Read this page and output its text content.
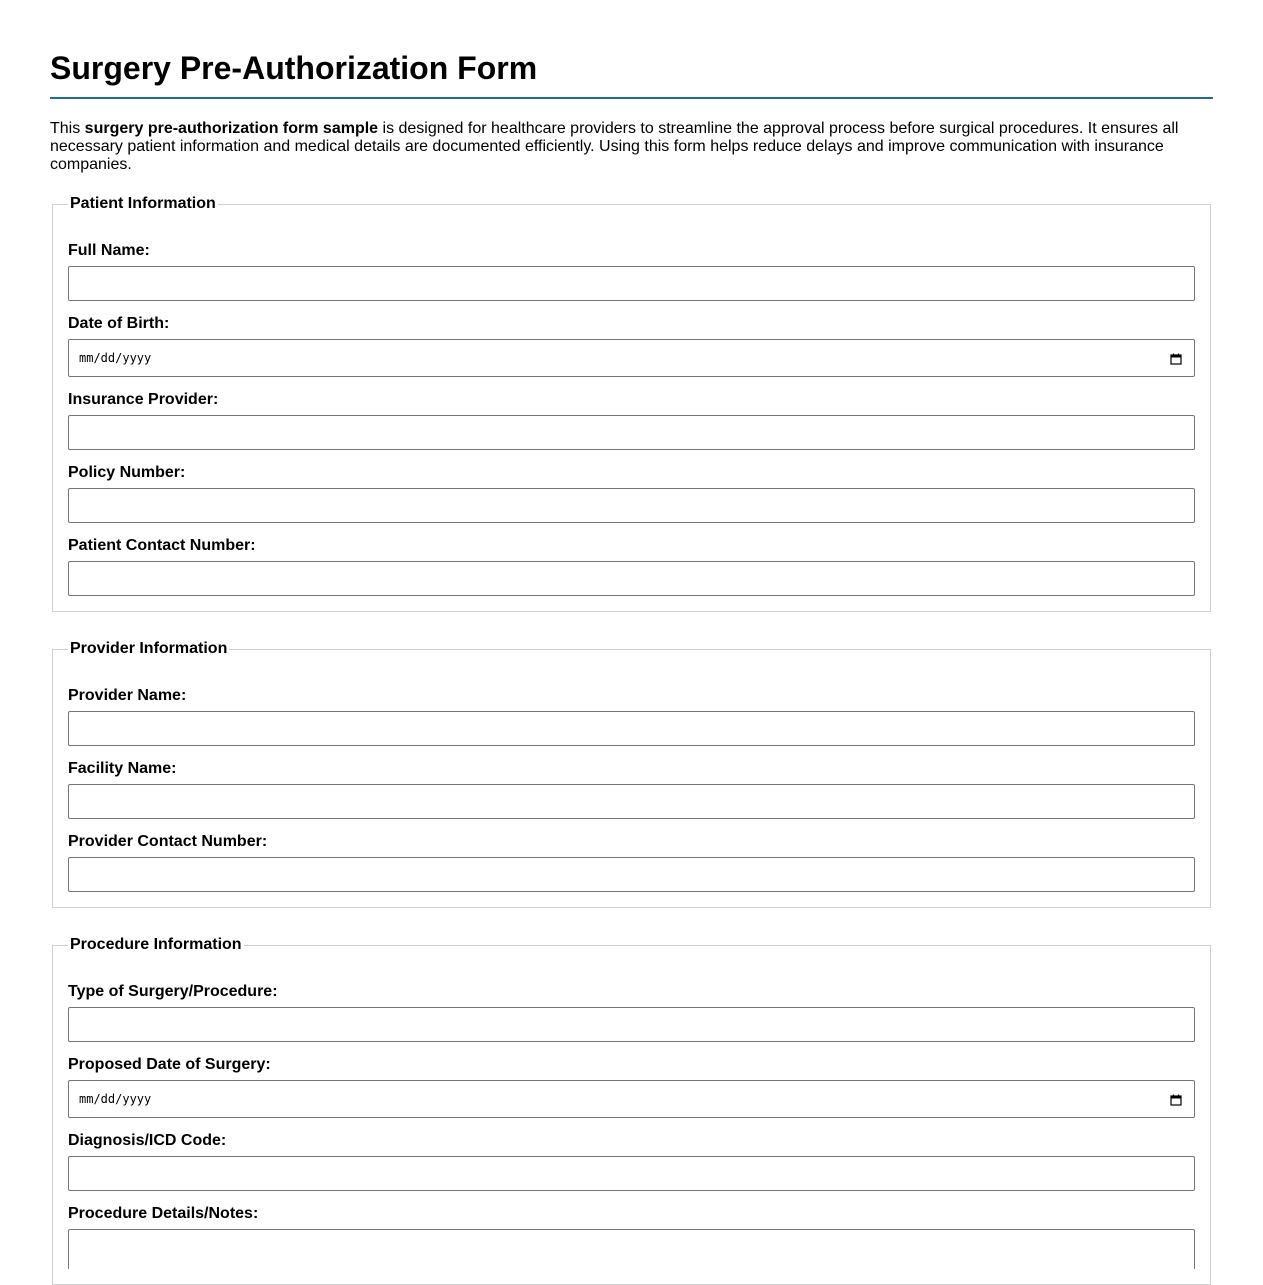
Surgery Pre-Authorization Form

This surgery pre-authorization form sample is designed for healthcare providers to streamline the approval process before surgical procedures. It ensures all necessary patient information and medical details are documented efficiently. Using this form helps reduce delays and improve communication with insurance companies.

Patient Information
Full Name:
Date of Birth:
mm/dd/yyyy
Insurance Provider:
Policy Number:
Patient Contact Number:
Provider Information
Provider Name:
Facility Name:
Provider Contact Number:
Procedure Information
Type of Surgery/Procedure:
Proposed Date of Surgery:
mm/dd/yyyy
Diagnosis/ICD Code:
Procedure Details/Notes:
